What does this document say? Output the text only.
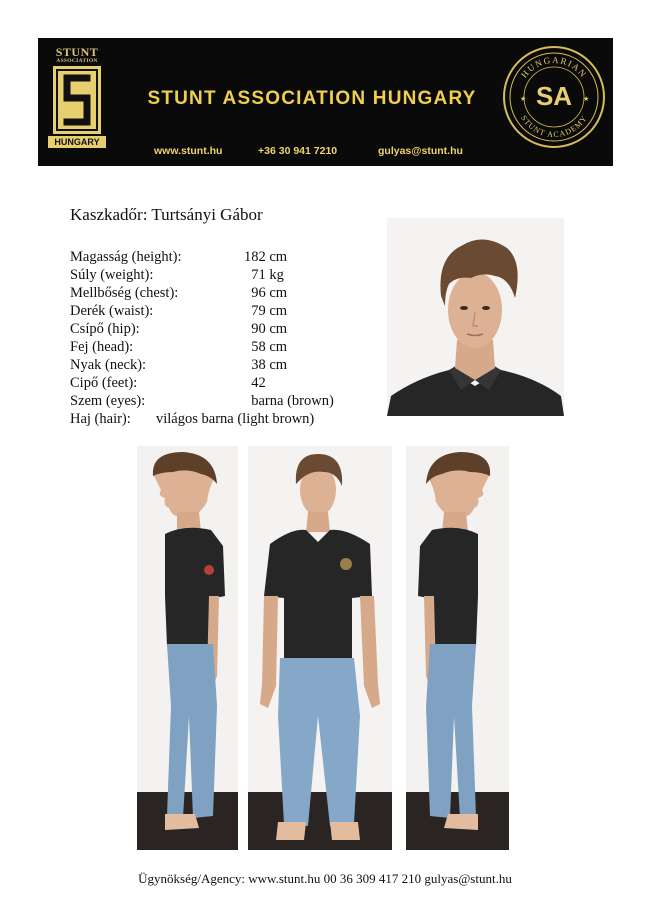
STUNT
ASSOCIATION
HUNGARY
STUNT ASSOCIATION HUNGARY
www.stunt.hu	+36 30 941 7210	gulyas@stunt.hu
HUNGARIAN
STUNT ACADEMY
SA
★	★
Kaszkadőr: Turtsányi Gábor
Magasság (height):	182 cm
Súly (weight):	71 kg
Mellbőség (chest):	96 cm
Derék (waist):	79 cm
Csípő (hip):	90 cm
Fej (head):	58 cm
Nyak (neck):	38 cm
Cipő (feet):	42
Szem (eyes):	barna (brown)
Haj (hair): világos barna (light brown)
Ügynökség/Agency: www.stunt.hu 00 36 309 417 210 gulyas@stunt.hu
